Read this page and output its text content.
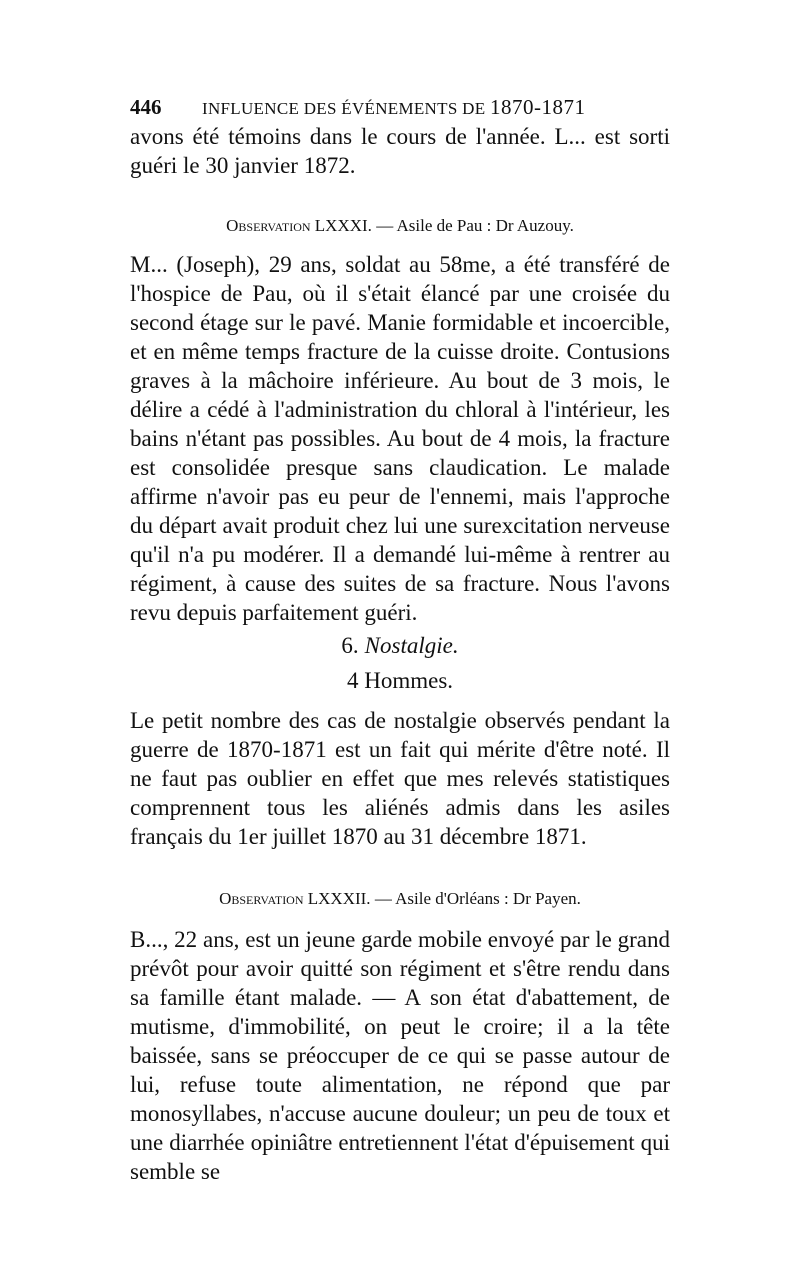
446 INFLUENCE DES ÉVÉNEMENTS DE 1870-1871

avons été témoins dans le cours de l'année. L... est sorti guéri le 30 janvier 1872.

Observation LXXXI. — Asile de Pau : Dr Auzouy.

M... (Joseph), 29 ans, soldat au 58me, a été transféré de l'hospice de Pau, où il s'était élancé par une croisée du second étage sur le pavé. Manie formidable et incoercible, et en même temps fracture de la cuisse droite. Contusions graves à la mâchoire inférieure. Au bout de 3 mois, le délire a cédé à l'administration du chloral à l'intérieur, les bains n'étant pas possibles. Au bout de 4 mois, la fracture est consolidée presque sans claudication. Le malade affirme n'avoir pas eu peur de l'ennemi, mais l'approche du départ avait produit chez lui une surexcitation nerveuse qu'il n'a pu modérer. Il a demandé lui-même à rentrer au régiment, à cause des suites de sa fracture. Nous l'avons revu depuis parfaitement guéri.

6. Nostalgie.
4 Hommes.

Le petit nombre des cas de nostalgie observés pendant la guerre de 1870-1871 est un fait qui mérite d'être noté. Il ne faut pas oublier en effet que mes relevés statistiques comprennent tous les aliénés admis dans les asiles français du 1er juillet 1870 au 31 décembre 1871.

Observation LXXXII. — Asile d'Orléans : Dr Payen.

B..., 22 ans, est un jeune garde mobile envoyé par le grand prévôt pour avoir quitté son régiment et s'être rendu dans sa famille étant malade. — A son état d'abattement, de mutisme, d'immobilité, on peut le croire; il a la tête baissée, sans se préoccuper de ce qui se passe autour de lui, refuse toute alimentation, ne répond que par monosyllabes, n'accuse aucune douleur; un peu de toux et une diarrhée opiniâtre entretiennent l'état d'épuisement qui semble se
